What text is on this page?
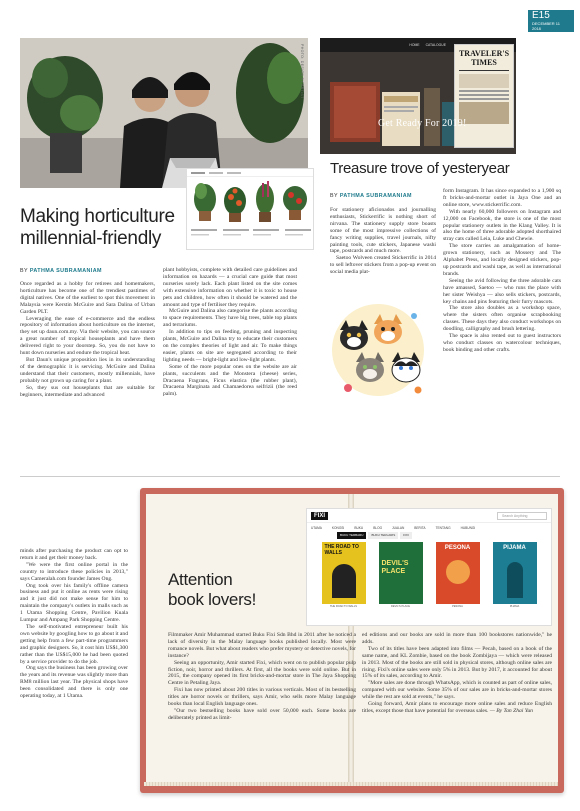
E15
DECEMBER 11
2018
PHOTO: DESIGN BY ARTIST
Making horticulture
millennial-friendly
BY PATHMA SUBRAMANIAM

Once regarded as a hobby for retirees and homemakers, horticulture has become one of the trendiest pastimes of digital natives. One of the earliest to spot this movement in Malaysia were Kerstin McGuire and Sara Dalina of Urban Garden PLT.

Leveraging the ease of e-commerce and the endless repository of information about horticulture on the internet, they set up daun.com.my. Via their website, you can source a great number of tropical houseplants and have them delivered right to your doorstep. So, you do not have to hunt down nurseries and endure the tropical heat.

But Daun's unique proposition lies in its understanding of the demographic it is servicing. McGuire and Dalina understand that their customers, mostly millennials, have probably not grown up caring for a plant.

So, they sus out houseplants that are suitable for beginners, intermediate and advanced

plant hobbyists, complete with detailed care guidelines and information on hazards — a crucial care guide that most nurseries sorely lack. Each plant listed on the site comes with extensive information on whether it is toxic to house pets and children, how often it should be watered and the amount and type of fertiliser they require.

McGuire and Dalina also categorise the plants according to space requirements. They have big trees, table top plants and terrariums.

In addition to tips on feeding, pruning and inspecting plants, McGuire and Dalina try to educate their customers on the complex theories of light and air. To make things easier, plants on site are segregated according to their lighting needs — bright-light and low-light plants.

Some of the more popular ones on the website are air plants, succulents and the Monstera (cheese) series, Dracaena Fragrans, Ficus elastica (the rubber plant), Dracaena Marginata and Chamaedorea seifrizii (the reed palm).

HOME CATALOGUE
TRAVELER'S TIMES
Get Ready For 2019!
Treasure trove of yesteryear
BY PATHMA SUBRAMANIAM

For stationery aficionados and journalling enthusiasts, Stickerrific is nothing short of nirvana. The stationery supply store boasts some of the most impressive collections of fancy writing supplies, travel journals, nifty painting tools, cute stickers, Japanese washi tape, postcards and much more.

Saetoo Wolveen created Stickerrific in 2014 to sell leftover stickers from a pop-up event on social media plat-

form Instagram. It has since expanded to a 1,900 sq ft bricks-and-mortar outlet in Jaya One and an online store, www.stickerrific.com.

With nearly 60,000 followers on Instagram and 12,000 on Facebook, the store is one of the most popular stationery outlets in the Klang Valley. It is also the home of three adorable adopted shorthaired stray cats called Leia, Luke and Chewie.

The store carries an amalgamation of home-grown stationery, such as Mossery and The Alphabet Press, and locally designed stickers, pop-up postcards and washi tape, as well as international brands.

Seeing the avid following the three adorable cats have amassed, Saetoo — who runs the place with her sister Weishya — also sells stickers, postcards, key chains and pins featuring their furry mascots.

The store also doubles as a workshop space, where the sisters often organise scrapbooking classes. These days they also conduct workshops on doodling, calligraphy and brush lettering.

The space is also rented out to guest instructors who conduct classes on watercolour techniques, book binding and other crafts.

minds after purchasing the product can opt to return it and get their money back.

"We were the first online portal in the country to introduce these policies in 2013," says Cameralah.com founder James Ong.

Ong took over his family's offline camera business and put it online as rents were rising and it just did not make sense for him to maintain the company's outlets in malls such as 1 Utama Shopping Centre, Pavilion Kuala Lumpur and Ampang Park Shopping Centre.

The self-motivated entrepreneur built his own website by googling how to go about it and getting help from a few part-time programmers and graphic designers. So, it cost him US$1,300 rather than the US$15,000 he had been quoted by a service provider to do the job.

Ong says the business has been growing over the years and its revenue was slightly more than RM8 million last year. The physical shops have been consolidated and there is only one operating today, at 1 Utama.

FIXI	Search Anything
UTAMA	KONGSI	BUKU	BLOG	JUALAN	BERITA	TENTANG	HUBUNGI
BUKU TERBARU	BUKU TERLARIS	FIXI
THE ROAD TO WALLS
THE ROAD TO WALLS
DEVIL'S PLACE
DEVIL'S PLACE
PESONA
PESONA
PIJAMA
PIJAMA
Attention
book lovers!

Filmmaker Amir Muhammad started Buku Fixi Sdn Bhd in 2011 after he noticed a lack of diversity in the Malay language books published locally. Most were romance novels. But what about readers who prefer mystery or detective novels, for instance?

Seeing an opportunity, Amir started Fixi, which went on to publish popular pulp fiction, noir, horror and thrillers. At first, all the books were sold online. But in 2015, the company opened its first bricks-and-mortar store in The Jaya Shopping Centre in Petaling Jaya.

Fixi has now printed about 200 titles in various verticals. Most of its bestselling titles are horror novels or thrillers, says Amir, who sells more Malay language books than local English language ones.

"Our two bestselling books have sold over 50,000 each. Some books are deliberately printed as limit-

ed editions and our books are sold in more than 100 bookstores nationwide," he adds.

Two of its titles have been adapted into films — Pecah, based on a book of the same name, and KL Zombie, based on the book Zombijaya — which were released in 2013. Most of the books are still sold in physical stores, although online sales are rising. Fixi's online sales were only 5% in 2013. But by 2017, it accounted for about 15% of its sales, according to Amir.

"More sales are done through WhatsApp, which is counted as part of online sales, compared with our website. Some 35% of our sales are in bricks-and-mortar stores while the rest are sold at events," he says.

Going forward, Amir plans to encourage more online sales and reduce English titles, except those that have potential for overseas sales. — By Tan Zhai Yun
